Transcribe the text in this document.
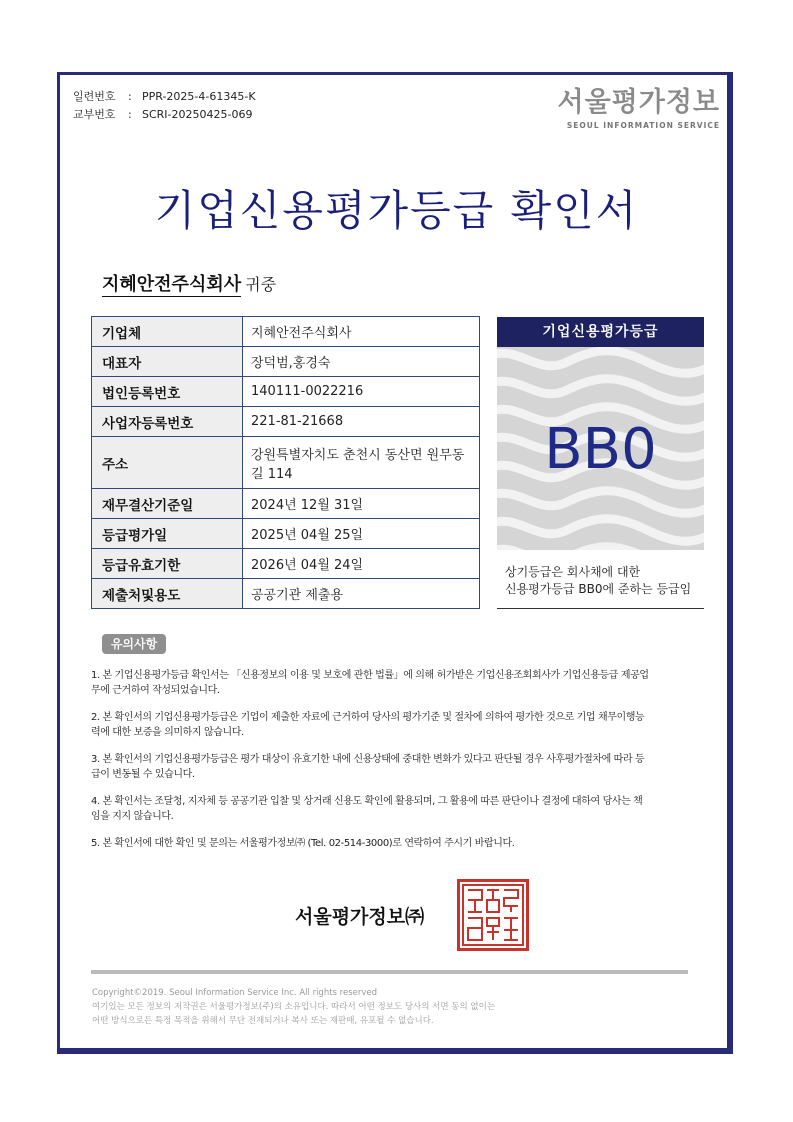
일련번호	: PPR-2025-4-61345-K
교부번호	: SCRI-20250425-069	서울평가정보
SEOUL INFORMATION SERVICE
기업신용평가등급 확인서
지혜안전주식회사 귀중
기업체	지혜안전주식회사
대표자	장덕범,홍경숙
법인등록번호	140111-0022216
사업자등록번호	221-81-21668
주소	강원특별자치도 춘천시 동산면 원무동길 114
재무결산기준일	2024년 12월 31일
등급평가일	2025년 04월 25일
등급유효기한	2026년 04월 24일
제출처및용도	공공기관 제출용
기업신용평가등급
BB0
상기등급은 회사채에 대한
신용평가등급 BB0에 준하는 등급임
유의사항
1. 본 기업신용평가등급 확인서는 「신용정보의 이용 및 보호에 관한 법률」에 의해 허가받은 기업신용조회회사가 기업신용등급 제공업무에 근거하여 작성되었습니다.
2. 본 확인서의 기업신용평가등급은 기업이 제출한 자료에 근거하여 당사의 평가기준 및 절차에 의하여 평가한 것으로 기업 채무이행능력에 대한 보증을 의미하지 않습니다.
3. 본 확인서의 기업신용평가등급은 평가 대상이 유효기한 내에 신용상태에 중대한 변화가 있다고 판단될 경우 사후평가절차에 따라 등급이 변동될 수 있습니다.
4. 본 확인서는 조달청, 지자체 등 공공기관 입찰 및 상거래 신용도 확인에 활용되며, 그 활용에 따른 판단이나 결정에 대하여 당사는 책임을 지지 않습니다.
5. 본 확인서에 대한 확인 및 문의는 서울평가정보㈜ (Tel. 02-514-3000)로 연락하여 주시기 바랍니다.
서울평가정보㈜
Copyright©2019. Seoul Information Service Inc. All rights reserved
여기있는 모든 정보의 저작권은 서울평가정보(주)의 소유입니다. 따라서 어떤 정보도 당사의 서면 동의 없이는
어떤 방식으로든 특정 목적을 위해서 무단 전재되거나 복사 또는 재판매, 유포될 수 없습니다.
